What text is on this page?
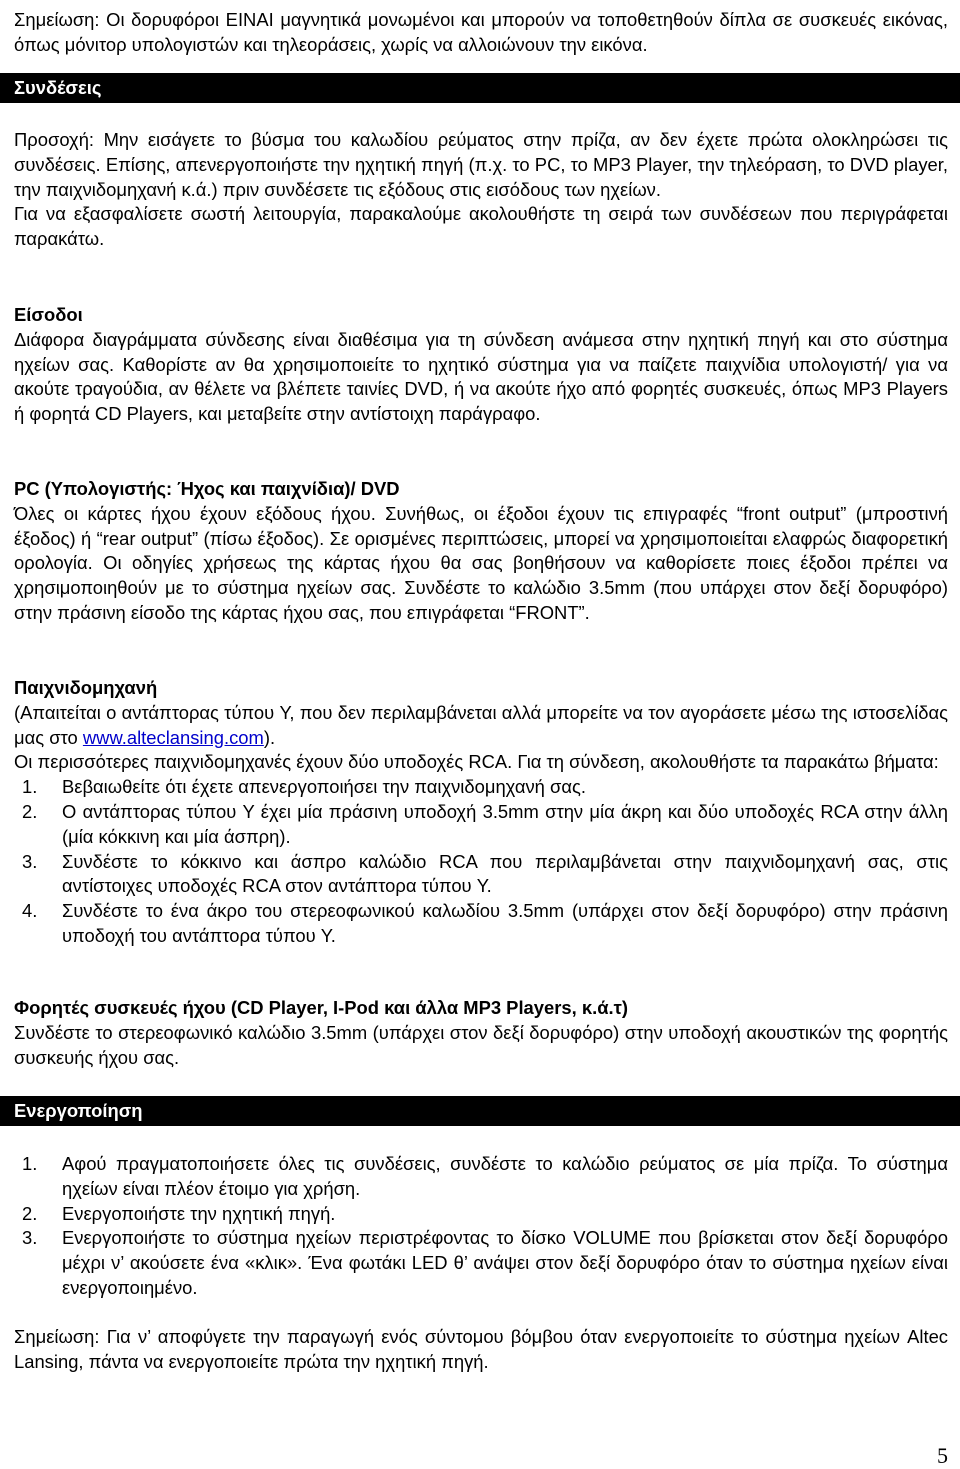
Σημείωση: Οι δορυφόροι ΕΙΝΑΙ μαγνητικά μονωμένοι και μπορούν να τοποθετηθούν δίπλα σε συσκευές εικόνας, όπως μόνιτορ υπολογιστών και τηλεοράσεις, χωρίς να αλλοιώνουν την εικόνα.

Συνδέσεις

Προσοχή: Μην εισάγετε το βύσμα του καλωδίου ρεύματος στην πρίζα, αν δεν έχετε πρώτα ολοκληρώσει τις συνδέσεις. Επίσης, απενεργοποιήστε την ηχητική πηγή (π.χ. το PC, το MP3 Player, την τηλεόραση, το DVD player, την παιχνιδομηχανή κ.ά.) πριν συνδέσετε τις εξόδους στις εισόδους των ηχείων.

Για να εξασφαλίσετε σωστή λειτουργία, παρακαλούμε ακολουθήστε τη σειρά των συνδέσεων που περιγράφεται παρακάτω.

Είσοδοι

Διάφορα διαγράμματα σύνδεσης είναι διαθέσιμα για τη σύνδεση ανάμεσα στην ηχητική πηγή και στο σύστημα ηχείων σας. Καθορίστε αν θα χρησιμοποιείτε το ηχητικό σύστημα για να παίζετε παιχνίδια υπολογιστή/ για να ακούτε τραγούδια, αν θέλετε να βλέπετε ταινίες DVD, ή να ακούτε ήχο από φορητές συσκευές, όπως MP3 Players ή φορητά CD Players, και μεταβείτε στην αντίστοιχη παράγραφο.

PC (Υπολογιστής: Ήχος και παιχνίδια)/ DVD

Όλες οι κάρτες ήχου έχουν εξόδους ήχου. Συνήθως, οι έξοδοι έχουν τις επιγραφές “front output” (μπροστινή έξοδος) ή “rear output” (πίσω έξοδος). Σε ορισμένες περιπτώσεις, μπορεί να χρησιμοποιείται ελαφρώς διαφορετική ορολογία. Οι οδηγίες χρήσεως της κάρτας ήχου θα σας βοηθήσουν να καθορίσετε ποιες έξοδοι πρέπει να χρησιμοποιηθούν με το σύστημα ηχείων σας. Συνδέστε το καλώδιο 3.5mm (που υπάρχει στον δεξί δορυφόρο) στην πράσινη είσοδο της κάρτας ήχου σας, που επιγράφεται “FRONT”.

Παιχνιδομηχανή

(Απαιτείται ο αντάπτορας τύπου Y, που δεν περιλαμβάνεται αλλά μπορείτε να τον αγοράσετε μέσω της ιστοσελίδας μας στο www.alteclansing.com).

Οι περισσότερες παιχνιδομηχανές έχουν δύο υποδοχές RCA. Για τη σύνδεση, ακολουθήστε τα παρακάτω βήματα:

1.	Βεβαιωθείτε ότι έχετε απενεργοποιήσει την παιχνιδομηχανή σας.
2.	Ο αντάπτορας τύπου Y έχει μία πράσινη υποδοχή 3.5mm στην μία άκρη και δύο υποδοχές RCA στην άλλη (μία κόκκινη και μία άσπρη).
3.	Συνδέστε το κόκκινο και άσπρο καλώδιο RCA που περιλαμβάνεται στην παιχνιδομηχανή σας, στις αντίστοιχες υποδοχές RCA στον αντάπτορα τύπου Y.
4.	Συνδέστε το ένα άκρο του στερεοφωνικού καλωδίου 3.5mm (υπάρχει στον δεξί δορυφόρο) στην πράσινη υποδοχή του αντάπτορα τύπου Y.

Φορητές συσκευές ήχου (CD Player, I-Pod και άλλα MP3 Players, κ.ά.τ)

Συνδέστε το στερεοφωνικό καλώδιο 3.5mm (υπάρχει στον δεξί δορυφόρο) στην υποδοχή ακουστικών της φορητής συσκευής ήχου σας.

Ενεργοποίηση
1.	Αφού πραγματοποιήσετε όλες τις συνδέσεις, συνδέστε το καλώδιο ρεύματος σε μία πρίζα. Το σύστημα ηχείων είναι πλέον έτοιμο για χρήση.
2.	Ενεργοποιήστε την ηχητική πηγή.
3.	Ενεργοποιήστε το σύστημα ηχείων περιστρέφοντας το δίσκο VOLUME που βρίσκεται στον δεξί δορυφόρο μέχρι ν’ ακούσετε ένα «κλικ». Ένα φωτάκι LED θ’ ανάψει στον δεξί δορυφόρο όταν το σύστημα ηχείων είναι ενεργοποιημένο.

Σημείωση: Για ν’ αποφύγετε την παραγωγή ενός σύντομου βόμβου όταν ενεργοποιείτε το σύστημα ηχείων Altec Lansing, πάντα να ενεργοποιείτε πρώτα την ηχητική πηγή.

5
